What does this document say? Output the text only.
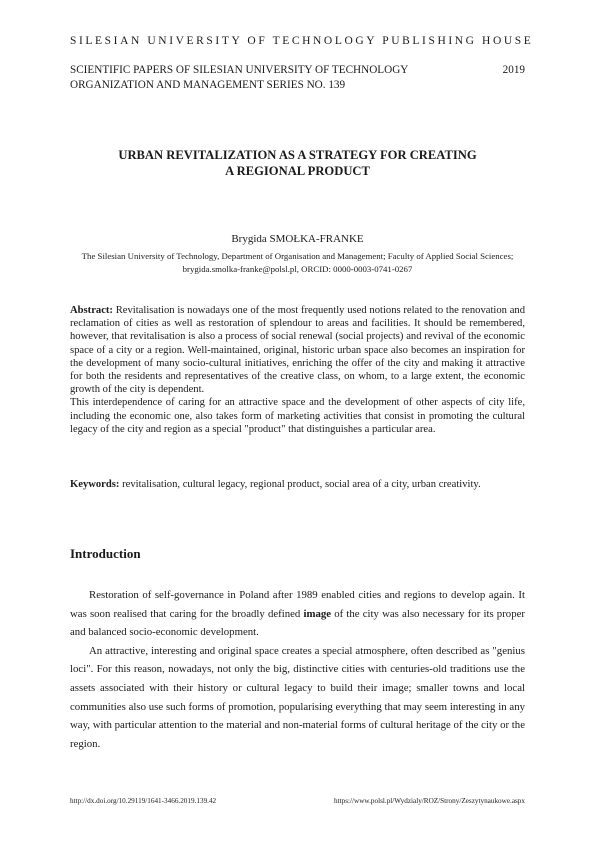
SILESIAN UNIVERSITY OF TECHNOLOGY PUBLISHING HOUSE
SCIENTIFIC PAPERS OF SILESIAN UNIVERSITY OF TECHNOLOGY	2019
ORGANIZATION AND MANAGEMENT SERIES NO. 139
URBAN REVITALIZATION AS A STRATEGY FOR CREATING
A REGIONAL PRODUCT
Brygida SMOŁKA-FRANKE
The Silesian University of Technology, Department of Organisation and Management; Faculty of Applied Social Sciences; brygida.smolka-franke@polsl.pl, ORCID: 0000-0003-0741-0267

Abstract: Revitalisation is nowadays one of the most frequently used notions related to the renovation and reclamation of cities as well as restoration of splendour to areas and facilities. It should be remembered, however, that revitalisation is also a process of social renewal (social projects) and revival of the economic space of a city or a region. Well-maintained, original, historic urban space also becomes an inspiration for the development of many socio-cultural initiatives, enriching the offer of the city and making it attractive for both the residents and representatives of the creative class, on whom, to a large extent, the economic growth of the city is dependent.

This interdependence of caring for an attractive space and the development of other aspects of city life, including the economic one, also takes form of marketing activities that consist in promoting the cultural legacy of the city and region as a special "product" that distinguishes a particular area.

Keywords: revitalisation, cultural legacy, regional product, social area of a city, urban creativity.
Introduction

Restoration of self-governance in Poland after 1989 enabled cities and regions to develop again. It was soon realised that caring for the broadly defined image of the city was also necessary for its proper and balanced socio-economic development.

An attractive, interesting and original space creates a special atmosphere, often described as "genius loci". For this reason, nowadays, not only the big, distinctive cities with centuries-old traditions use the assets associated with their history or cultural legacy to build their image; smaller towns and local communities also use such forms of promotion, popularising everything that may seem interesting in any way, with particular attention to the material and non-material forms of cultural heritage of the city or the region.

http://dx.doi.org/10.29119/1641-3466.2019.139.42	https://www.polsl.pl/Wydzialy/ROZ/Strony/Zeszytynaukowe.aspx
